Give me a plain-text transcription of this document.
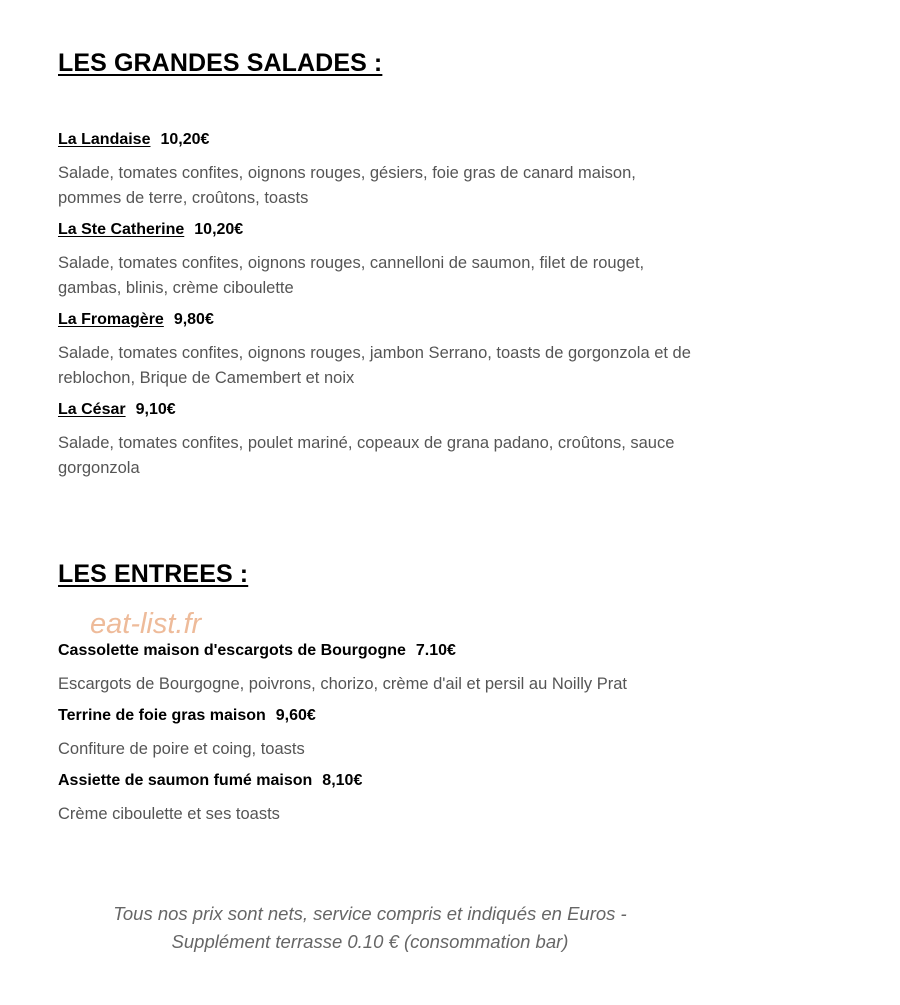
LES GRANDES SALADES :
La Landaise 10,20€
Salade, tomates confites, oignons rouges, gésiers, foie gras de canard maison, pommes de terre, croûtons, toasts
La Ste Catherine 10,20€
Salade, tomates confites, oignons rouges, cannelloni de saumon, filet de rouget, gambas, blinis, crème ciboulette
La Fromagère 9,80€
Salade, tomates confites, oignons rouges, jambon Serrano, toasts de gorgonzola et de reblochon, Brique de Camembert et noix
La César 9,10€
Salade, tomates confites, poulet mariné, copeaux de grana padano, croûtons, sauce gorgonzola
LES ENTREES :
Cassolette maison d'escargots de Bourgogne 7.10€
Escargots de Bourgogne, poivrons, chorizo, crème d'ail et persil au Noilly Prat
Terrine de foie gras maison 9,60€
Confiture de poire et coing, toasts
Assiette de saumon fumé maison 8,10€
Crème ciboulette et ses toasts
eat-list.fr
Tous nos prix sont nets, service compris et indiqués en Euros -
Supplément terrasse 0.10 € (consommation bar)
